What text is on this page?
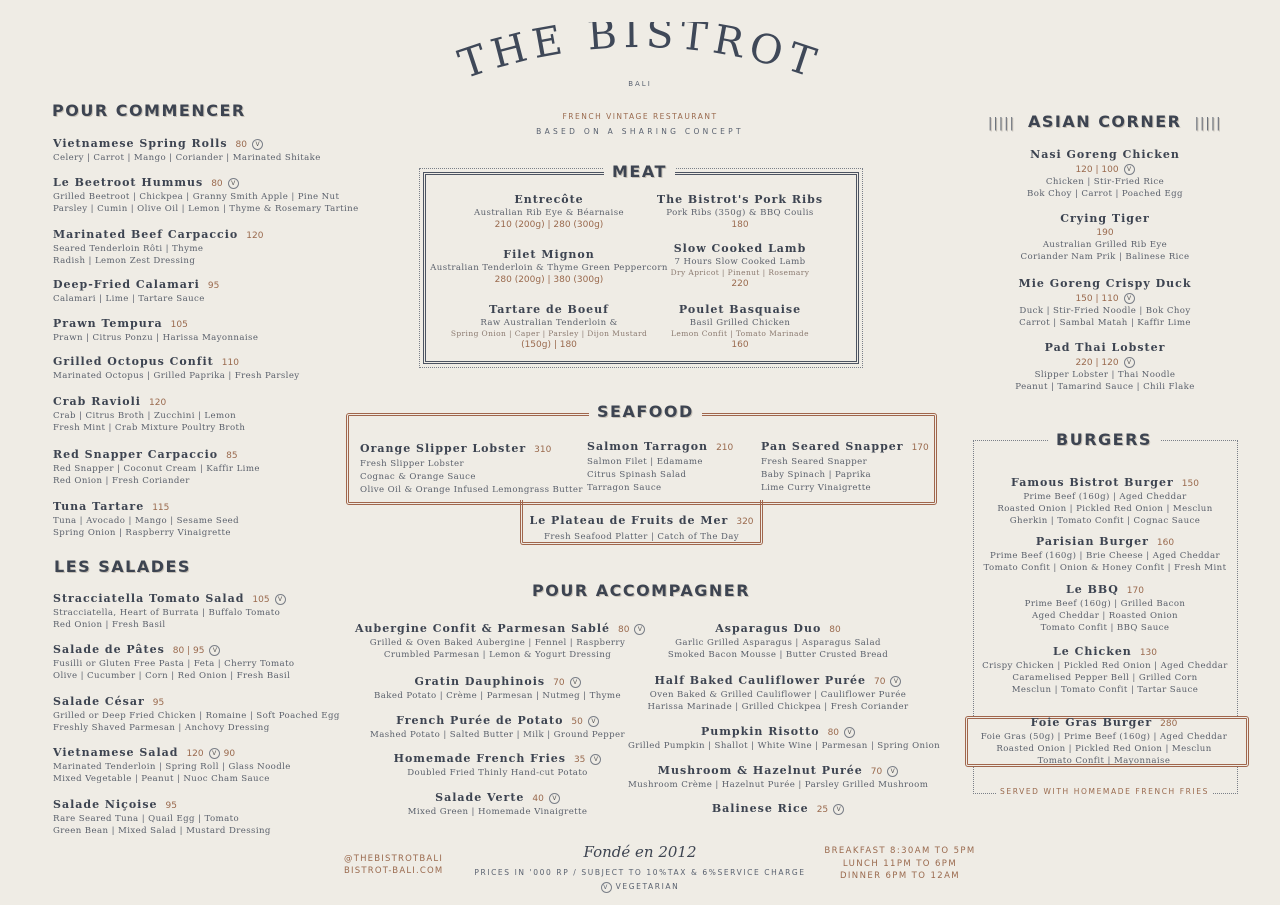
THE BISTROT
BALI
FRENCH VINTAGE RESTAURANT
BASED ON A SHARING CONCEPT
POUR COMMENCER
Vietnamese Spring Rolls 80 V
Celery | Carrot | Mango | Coriander | Marinated Shitake
Le Beetroot Hummus 80 V
Grilled Beetroot | Chickpea | Granny Smith Apple | Pine Nut
Parsley | Cumin | Olive Oil | Lemon | Thyme & Rosemary Tartine
Marinated Beef Carpaccio 120
Seared Tenderloin Rôti | Thyme
Radish | Lemon Zest Dressing
Deep-Fried Calamari 95
Calamari | Lime | Tartare Sauce
Prawn Tempura 105
Prawn | Citrus Ponzu | Harissa Mayonnaise
Grilled Octopus Confit 110
Marinated Octopus | Grilled Paprika | Fresh Parsley
Crab Ravioli 120
Crab | Citrus Broth | Zucchini | Lemon
Fresh Mint | Crab Mixture Poultry Broth
Red Snapper Carpaccio 85
Red Snapper | Coconut Cream | Kaffir Lime
Red Onion | Fresh Coriander
Tuna Tartare 115
Tuna | Avocado | Mango | Sesame Seed
Spring Onion | Raspberry Vinaigrette
LES SALADES
Stracciatella Tomato Salad 105 V
Stracciatella, Heart of Burrata | Buffalo Tomato
Red Onion | Fresh Basil
Salade de Pâtes 80 | 95 V
Fusilli or Gluten Free Pasta | Feta | Cherry Tomato
Olive | Cucumber | Corn | Red Onion | Fresh Basil
Salade César 95
Grilled or Deep Fried Chicken | Romaine | Soft Poached Egg
Freshly Shaved Parmesan | Anchovy Dressing
Vietnamese Salad 120 V 90
Marinated Tenderloin | Spring Roll | Glass Noodle
Mixed Vegetable | Peanut | Nuoc Cham Sauce
Salade Niçoise 95
Rare Seared Tuna | Quail Egg | Tomato
Green Bean | Mixed Salad | Mustard Dressing
MEAT
Entrecôte
Australian Rib Eye & Béarnaise
210 (200g) | 280 (300g)
Filet Mignon
Australian Tenderloin & Thyme Green Peppercorn
280 (200g) | 380 (300g)
Tartare de Boeuf
Raw Australian Tenderloin &
Spring Onion | Caper | Parsley | Dijon Mustard
(150g) | 180
The Bistrot's Pork Ribs
Pork Ribs (350g) & BBQ Coulis
180
Slow Cooked Lamb
7 Hours Slow Cooked Lamb
Dry Apricot | Pinenut | Rosemary
220
Poulet Basquaise
Basil Grilled Chicken
Lemon Confit | Tomato Marinade
160
SEAFOOD
Orange Slipper Lobster 310
Fresh Slipper Lobster
Cognac & Orange Sauce
Olive Oil & Orange Infused Lemongrass Butter
Salmon Tarragon 210
Salmon Filet | Edamame
Citrus Spinash Salad
Tarragon Sauce
Pan Seared Snapper 170
Fresh Seared Snapper
Baby Spinach | Paprika
Lime Curry Vinaigrette
Le Plateau de Fruits de Mer 320
Fresh Seafood Platter | Catch of The Day
POUR ACCOMPAGNER
Aubergine Confit & Parmesan Sablé 80 V
Grilled & Oven Baked Aubergine | Fennel | Raspberry
Crumbled Parmesan | Lemon & Yogurt Dressing
Gratin Dauphinois 70 V
Baked Potato | Crème | Parmesan | Nutmeg | Thyme
French Purée de Potato 50 V
Mashed Potato | Salted Butter | Milk | Ground Pepper
Homemade French Fries 35 V
Doubled Fried Thinly Hand-cut Potato
Salade Verte 40 V
Mixed Green | Homemade Vinaigrette
Asparagus Duo 80
Garlic Grilled Asparagus | Asparagus Salad
Smoked Bacon Mousse | Butter Crusted Bread
Half Baked Cauliflower Purée 70 V
Oven Baked & Grilled Cauliflower | Cauliflower Purée
Harissa Marinade | Grilled Chickpea | Fresh Coriander
Pumpkin Risotto 80 V
Grilled Pumpkin | Shallot | White Wine | Parmesan | Spring Onion
Mushroom & Hazelnut Purée 70 V
Mushroom Crème | Hazelnut Purée | Parsley Grilled Mushroom
Balinese Rice 25 V
||||| ASIAN CORNER |||||
Nasi Goreng Chicken
120 | 100 V
Chicken | Stir-Fried Rice
Bok Choy | Carrot | Poached Egg
Crying Tiger
190
Australian Grilled Rib Eye
Coriander Nam Prik | Balinese Rice
Mie Goreng Crispy Duck
150 | 110 V
Duck | Stir-Fried Noodle | Bok Choy
Carrot | Sambal Matah | Kaffir Lime
Pad Thai Lobster
220 | 120 V
Slipper Lobster | Thai Noodle
Peanut | Tamarind Sauce | Chili Flake
BURGERS
Famous Bistrot Burger 150
Prime Beef (160g) | Aged Cheddar
Roasted Onion | Pickled Red Onion | Mesclun
Gherkin | Tomato Confit | Cognac Sauce
Parisian Burger 160
Prime Beef (160g) | Brie Cheese | Aged Cheddar
Tomato Confit | Onion & Honey Confit | Fresh Mint
Le BBQ 170
Prime Beef (160g) | Grilled Bacon
Aged Cheddar | Roasted Onion
Tomato Confit | BBQ Sauce
Le Chicken 130
Crispy Chicken | Pickled Red Onion | Aged Cheddar
Caramelised Pepper Bell | Grilled Corn
Mesclun | Tomato Confit | Tartar Sauce
Foie Gras Burger 280
Foie Gras (50g) | Prime Beef (160g) | Aged Cheddar
Roasted Onion | Pickled Red Onion | Mesclun
Tomato Confit | Mayonnaise
SERVED WITH HOMEMADE FRENCH FRIES
@THEBISTROTBALI
BISTROT-BALI.COM
Fondé en 2012
PRICES IN '000 RP / SUBJECT TO 10%TAX & 6%SERVICE CHARGE
V VEGETARIAN
BREAKFAST 8:30AM TO 5PM
LUNCH 11PM TO 6PM
DINNER 6PM TO 12AM
